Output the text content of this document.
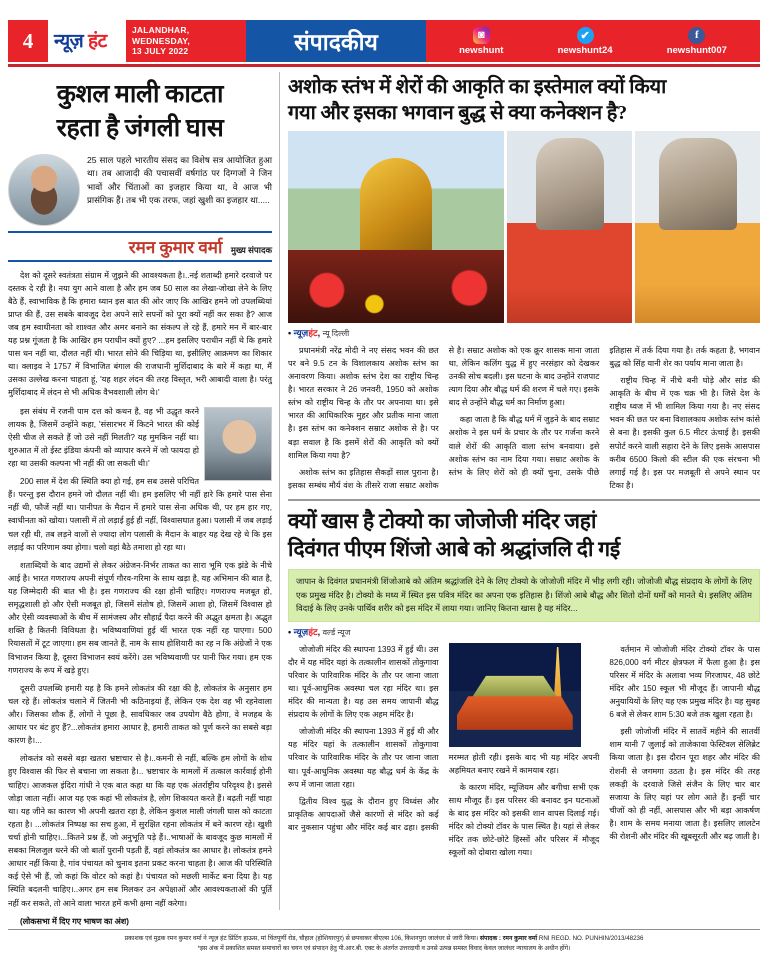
4	न्यूज़ हंट
JALANDHAR, WEDNESDAY,
13 JULY 2022	संपादकीय	◙
newshunt
✔
newshunt24
f
newshunt007
कुशल माली काटता
रहता है जंगली घास
25 साल पहले भारतीय संसद का विशेष सत्र आयोजित हुआ था। तब आजादी की पचासवीं वर्षगांठ पर दिग्गजों ने जिन भावों और चिंताओं का इजहार किया था, वे आज भी प्रासंगिक हैं। तब भी एक तरफ, जहां खुशी का इजहार था.....
रमन कुमार वर्मा मुख्य संपादक

देश को दूसरे स्वतंत्रता संग्राम में जुझने की आवश्यकता है।..नई शताब्दी हमारे दरवाजे पर दस्तक दे रही है। नया युग आने वाला है और हम जब 50 साल का लेखा-जोखा लेने के लिए बैठे हैं, स्वाभाविक है कि हमारा ध्यान इस बात की ओर जाए कि आखिर हमने जो उपलब्धियां प्राप्त की हैं, उस सबके बावजूद देश अपने सारे सपनों को पूरा क्यों नहीं कर सका है? आज जब हम स्वाधीनता को शाश्वत और अमर बनाने का संकल्प ले रहे हैं, हमारे मन में बार-बार यह प्रश्न गूंजता है कि आखिर हम पराधीन क्यों हुए? ...हम इसलिए पराधीन नहीं थे कि हमारे पास धन नहीं था, दौलत नहीं थी। भारत सोने की चिड़िया था, इसीलिए आक्रमण का शिकार था। क्लाइव ने 1757 में विभाजित बंगाल की राजधानी मुर्शिदाबाद के बारे में कहा था, मैं उसका उल्लेख करना चाहता हूं, 'यह शहर लंदन की तरह विस्तृत, भरी आबादी वाला है। परंतु मुर्शिदाबाद में लंदन से भी अधिक वैभवशाली लोग थे।'

इस संबंध में रजनी पाम दत्त को कथन है, वह भी उद्धृत करने लायक है, जिसमें उन्होंने कहा, 'संसारभर में किटने भारत की कोई ऐसी चीज ले सकते हैं जो उसे नहीं मिलती? यह मुमकिन नहीं था। शुरुआत में तो ईस्ट इंडिया कंपनी को व्यापार करने में जो फायदा हो रहा था उसकी कल्पना भी नहीं की जा सकती थी।'

200 साल में देश की स्थिति क्या हो गई, हम सब उससे परिचित हैं। परन्तु इस दौरान हमने जो दौलत नहीं थी। हम इसलिए भी नहीं हारे कि हमारे पास सेना नहीं थी, फौजें नहीं था। पानीपत के मैदान में हमारे पास सेना अधिक थी, पर हम हार गए, स्वाधीनता को खोया। पलासी में तो लड़ाई हुई ही नहीं, विश्वासघात हुआ। पलासी में जब लड़ाई चल रही थी, तब लड़ने वालों से ज्यादा लोग पलासी के मैदान के बाहर यह देख रहे थे कि इस लड़ाई का परिणाम क्या होगा। चलो वहां बैठे तमाशा हो रहा था।

शताब्दियों के बाद उद्यमों से लेकर अंग्रेजन-निर्भर ताकत का सारा भूमि एक झंडे के नीचे आई है। भारत गणराज्य अपनी संपूर्ण गौरव-गरिमा के साथ खड़ा है, यह अभिमान की बात है, यह जिम्मेदारी की बात भी है। इस गणराज्य की रक्षा होनी चाहिए। गणराज्य मजबूत हो, समृद्धशाली हो और ऐसी मजबूत हो, जिसमें संतोष हो, जिसमें आशा हो, जिसमें विश्वास हो और ऐसी व्यवस्थाओं के बीच में सामंजस्य और सौहार्द्र पैदा करने की अद्भुत क्षमता है। अद्भुत शक्ति है कितनी विविधता है। भविष्यवाणियां हुई थीं भारत एक नहीं रह पाएगा। 500 रियासतों में टूट जाएगा। हम सब जानते हैं, नाम के साथ होशियारी का रह न कि अंग्रेजों ने एक विभाजन किया है, दूसरा विभाजन स्वयं करेंगे। उस भविष्यवाणी पर पानी फिर गया। हम एक गणराज्य के रूप में खड़े हुए।

दूसरी उपलब्धि हमारी यह है कि हमने लोकतंत्र की रक्षा की है, लोकतंत्र के अनुसार हम चल रहे हैं। लोकतंत्र चलाने में जितनी भी कठिनाइयां हैं, लेकिन एक देश वह भी रहनेवाला और। जिसका शौक हैं, लोगों ने पूछा है, सावधिकार जब उपयोग बैठे होगा, वे मजहब के आधार पर बंट हुए हैं?...लोकतंत्र हमारा आधार है, हमारी ताकत को पूर्ण करने का सबसे बड़ा कारण है।...

लोकतंत्र को सबसे बड़ा खतरा भ्रष्टाचार से है।..कमनी से नहीं, बल्कि हम लोगों के शोध हुए विश्वास की फिर से बचाना जा सकता है।.. भ्रष्टाचार के मामलों में तत्काल कार्रवाई होनी चाहिए। आजकल इंदिरा गांधी ने एक बात कहा था कि यह एक अंतर्राष्ट्रीय परिदृश्य है। इससे जोड़ा जाता नहीं। आज यह एक कहां भी लोकतंत्र है, लोग शिकायत करते हैं। बढ़ती नहीं चाहा था। यह जीने का कारण भी अपनी खतरा रहा है, लेकिन कुशल माली जंगली घास को काटता रहता है। ...लोकतंत्र निष्पक्ष का सच हुआ, में सुरक्षित रहना लोकतंत्र में बने कारण रहे। खुशी चर्चा होनी चाहिए।...कितने प्रश्न हैं, जो अनुभूति पड़े हैं।..भाषाओं के बावजूद कुछ मामलों में सबका मिलजुल धरने की जो बातों पुरानी पड़ती हैं, वहां लोकतंत्र का आधार है। लोकतंत्र हमने आधार नहीं किया है, गांव पंचायत को चुनाव इतना प्रकट करना चाहता है। आज की परिस्थिति कई ऐसे भी हैं, जो कहां कि वोटर को कहां है। पंचायत को मछली मार्केट बना दिया है। यह स्थिति बदलनी चाहिए।..अगर हम सब मिलकर उन अपेक्षाओं और आवश्यकताओं की पूर्ति नहीं कर सकते, तो आने वाला भारत हमें कभी क्षमा नहीं करेगा।

(लोकसभा में दिए गए भाषण का अंश)
अशोक स्तंभ में शेरों की आकृति का इस्तेमाल क्यों किया
गया और इसका भगवान बुद्ध से क्या कनेक्शन है?
• न्यूज़हंट, न्यू दिल्ली

प्रधानमंत्री नरेंद्र मोदी ने नए संसद भवन की छत पर बने 9.5 टन के विशालकाय अशोक स्तंभ का अनावरण किया। अशोक स्तंभ देश का राष्ट्रीय चिन्ह है। भारत सरकार ने 26 जनवरी, 1950 को अशोक स्तंभ को राष्ट्रीय चिन्ह के तौर पर अपनाया था। इसे भारत की आधिकारिक मुहर और प्रतीक माना जाता है। इस स्तंभ का कनेक्शन सम्राट अशोक से है। पर बड़ा सवाल है कि इसमें शेरों की आकृति को क्यों शामिल किया गया है?

अशोक स्तंभ का इतिहास सैकड़ों साल पुराना है। इसका सम्बंध मौर्य वंश के तीसरे राजा सम्राट अशोक से है। सम्राट अशोक को एक क्रूर शासक माना जाता था, लेकिन कलिंग युद्ध में हुए नरसंहार को देखकर उनकी सोच बदली। इस घटना के बाद उन्होंने राजपाट त्याग दिया और बौद्ध धर्म की शरण में चले गए। इसके बाद से उन्होंने बौद्ध धर्म का निर्माण हुआ।

कहा जाता है कि बौद्ध धर्म में जुड़ने के बाद सम्राट अशोक ने इस धर्म के प्रचार के तौर पर गर्जना करने वाले शेरों की आकृति वाला स्तंभ बनवाया। इसे अशोक स्तंभ का नाम दिया गया। सम्राट अशोक के स्तंभ के लिए शेरों को ही क्यों चुना, उसके पीछे इतिहास में तर्क दिया गया है। तर्क कहता है, भगवान बुद्ध को सिंह यानी शेर का पर्याय माना जाता है।

राष्ट्रीय चिन्ह में नीचे बनी घोड़े और सांड की आकृति के बीच में एक चक्र भी है। जिसे देश के राष्ट्रीय ध्वज में भी शामिल किया गया है। नए संसद भवन की छत पर बना विशालकाय अशोक स्तंभ कांसे से बना है। इसकी कुल 6.5 मीटर ऊंचाई है। इसकी सपोर्ट करने वाली सहारा देने के लिए इसके आसपास करीब 6500 किलो की स्टील की एक संरचना भी लगाई गई है। इस पर मजबूती से अपने स्थान पर टिका है।

क्यों खास है टोक्यो का जोजोजी मंदिर जहां
दिवंगत पीएम शिंजो आबे को श्रद्धांजलि दी गई
जापान के दिवंगत प्रधानमंत्री शिंजोआबे को अंतिम श्रद्धांजलि देने के लिए टोक्यो के जोजोजी मंदिर में भीड़ लगी रही। जोजोजी बौद्ध संप्रदाय के लोगों के लिए एक प्रमुख मंदिर है। टोक्यो के मध्य में स्थित इस पवित्र मंदिर का अपना एक इतिहास है। शिंजो आबे बौद्ध और शितो दोनों धर्मों को मानते थे। इसलिए अंतिम विदाई के लिए उनके पार्थिव शरीर को इस मंदिर में लाया गया। जानिए कितना खास है यह मंदिर...
• न्यूज़हंट, वर्ल्ड न्यूज

जोजोजी मंदिर की स्थापना 1393 में हुई थी। उस दौर में यह मंदिर यहां के तत्कालीन शासकों तोकुगावा परिवार के पारिवारिक मंदिर के तौर पर जाना जाता था। पूर्व-आधुनिक अवस्था चल रहा मंदिर था। इस मंदिर की मान्यता है। यह उस समय जापानी बौद्ध संप्रदाय के लोगों के लिए एक अहम मंदिर है।

जोजोजी मंदिर की स्थापना 1393 में हुई थी और यह मंदिर यहां के तत्कालीन शासकों तोकुगावा परिवार के पारिवारिक मंदिर के तौर पर जाना जाता था। पूर्व-आधुनिक अवस्था यह बौद्ध धर्म के केंद्र के रूप में जाना जाता रहा।

द्वितीय विश्व युद्ध के दौरान हुए विध्वंस और प्राकृतिक आपदाओं जैसे कारणों से मंदिर को कई बार नुकसान पहुंचा और मंदिर कई बार ढहा। इसकी मरम्मत होती रही। इसके बाद भी यह मंदिर अपनी अहमियत बनाए रखने में कामयाब रहा।

के कारण मंदिर, म्यूजियम और बगीचा सभी एक साथ मौजूद हैं। इस परिसर की बनावट इन घटनाओं के बाद इस मंदिर को इसकी शान वापस दिलाई गई। मंदिर को टोक्यो टॉवर के पास स्थित है। यहां से लेकर मंदिर तक छोटे-छोटे हिस्सों और परिसर में मौजूद स्कूलों को दोबारा खोला गया।

वर्तमान में जोजोजी मंदिर टोक्यो टॉवर के पास 826,000 वर्ग मीटर क्षेत्रफल में फैला हुआ है। इस परिसर में मंदिर के अलावा भव्य गिरजाघर, 48 छोटे मंदिर और 150 स्कूल भी मौजूद हैं। जापानी बौद्ध अनुयायियों के लिए यह एक प्रमुख मंदिर है। यह सुबह 6 बजे से लेकर शाम 5:30 बजे तक खुला रहता है।

इसी जोजोजी मंदिर में सातवें महीने की सातवीं शाम यानी 7 जुलाई को ताजेकावा फेस्टिवल सेलिब्रेट किया जाता है। इस दौरान पूरा शहर और मंदिर की रोशनी से जगमगा उठता है। इस मंदिर की तरह लकड़ी के दरवाजे जिसे संजैन के लिए चार बार सजाया के लिए यहां पर लोग आते हैं। इन्हीं चार चीजों को ही नहीं, आसपास और भी बड़ा आकर्षण है। शाम के समय मनाया जाता है। इसलिए लालटेन की रोशनी और मंदिर की खूबसूरती और बढ़ जाती है।

प्रकाशक एवं मुद्रक रमन कुमार वर्मा ने न्यूज़ हंट प्रिंटिंग हाऊस, मां चिंतपूर्णी रोड, चौहाल (होशियारपुर) से छपवाकर बीएल्स 106, किशनपुरा जालंधर से जारी किया। संपादक : रमन कुमार वर्मा RNI REGD. NO. PUNHIN/2013/48236
*इस अंक में प्रकाशित समस्त समाचारों का चयन एवं संपादन हेतु पी.आर.बी. एक्ट के अंतर्गत उत्तरदायी व उनसे उत्पन्न समस्त विवाद केवल जालंधर न्यायालय के अधीन होंगे।
